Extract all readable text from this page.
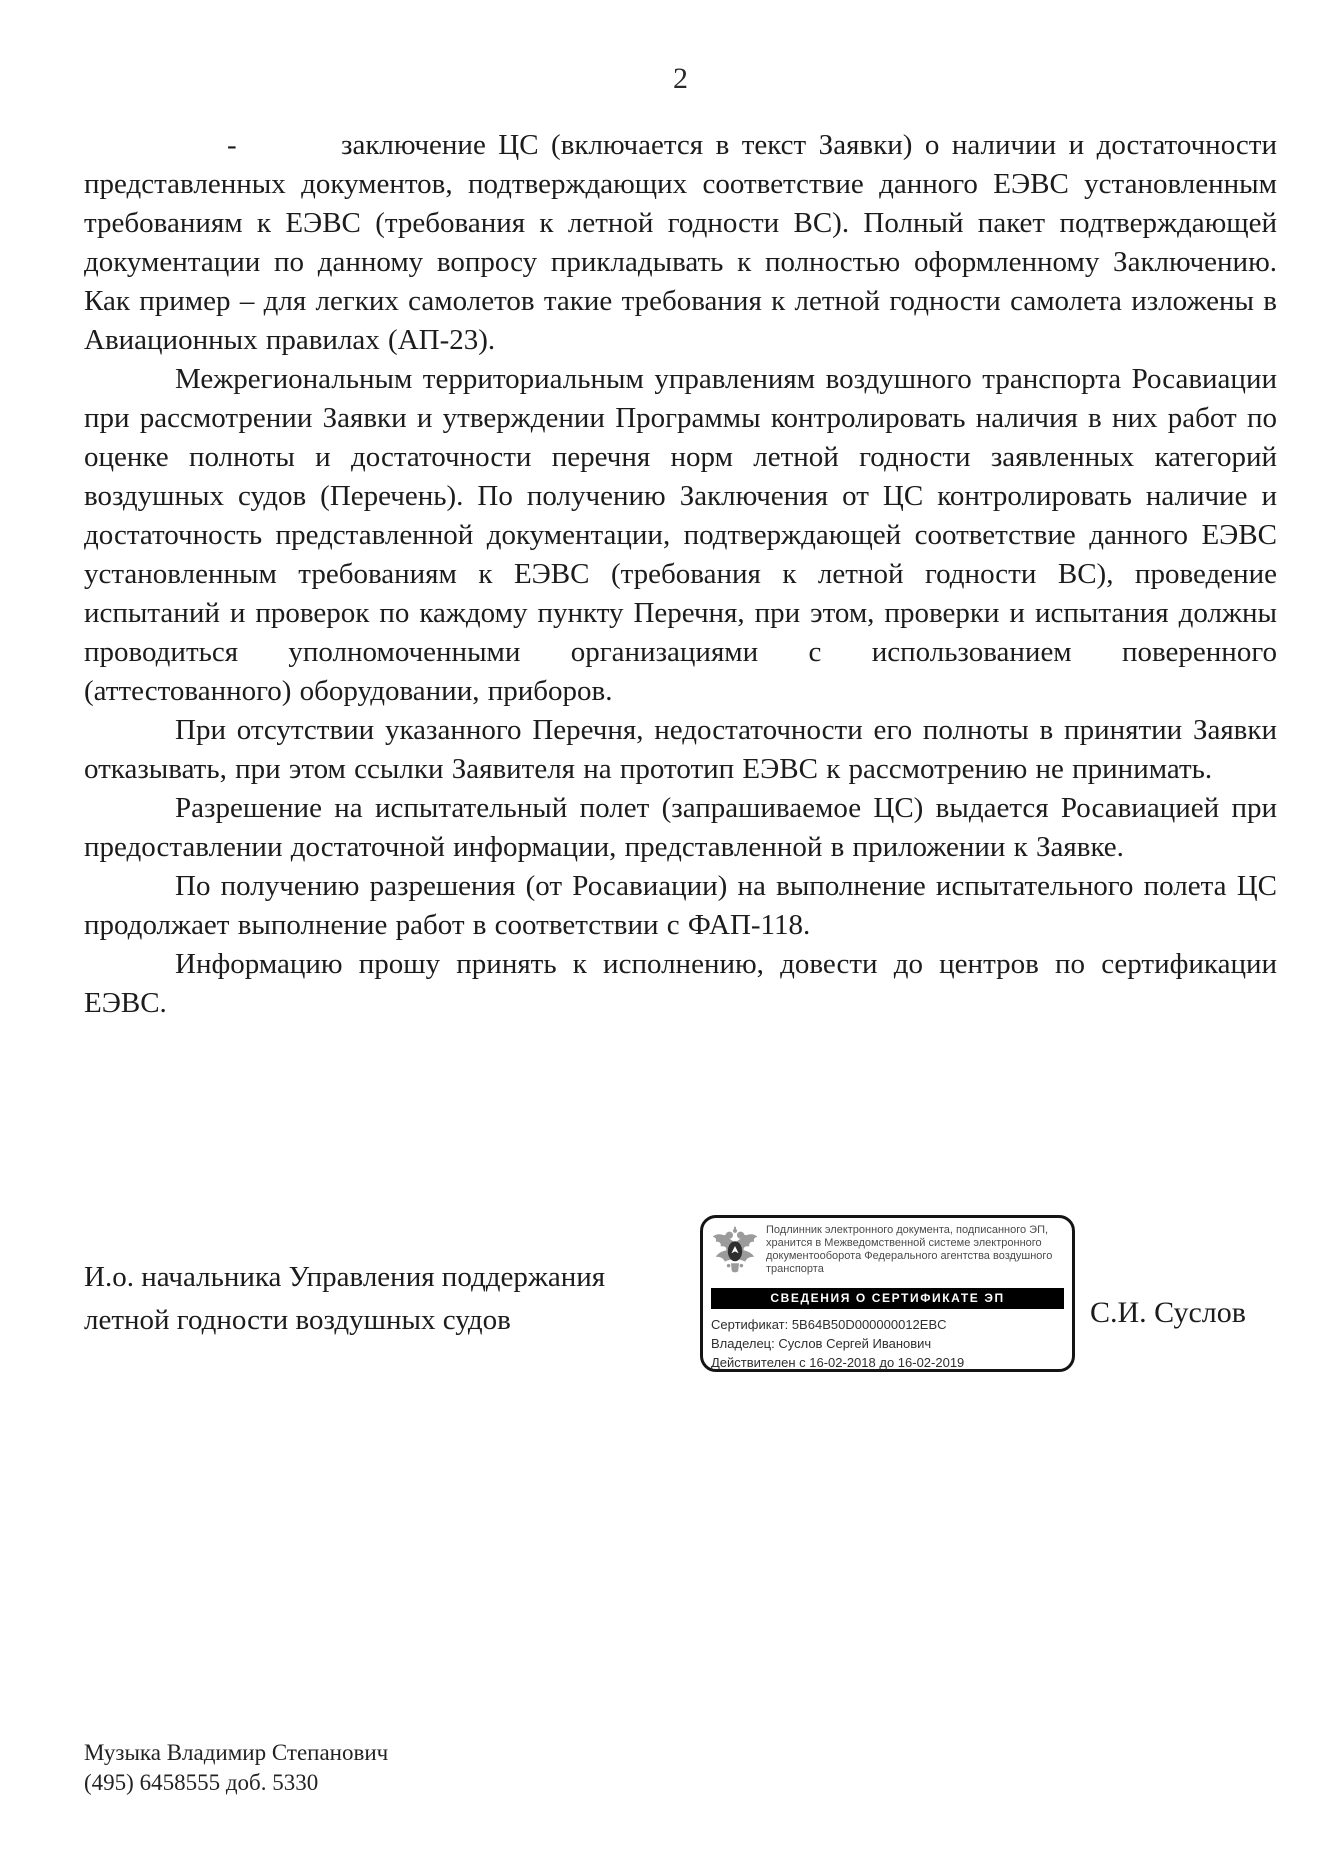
2

-	заключение ЦС (включается в текст Заявки) о наличии и достаточности представленных документов, подтверждающих соответствие данного ЕЭВС установленным требованиям к ЕЭВС (требования к летной годности ВС). Полный пакет подтверждающей документации по данному вопросу прикладывать к полностью оформленному Заключению. Как пример – для легких самолетов такие требования к летной годности самолета изложены в Авиационных правилах (АП-23).

Межрегиональным территориальным управлениям воздушного транспорта Росавиации при рассмотрении Заявки и утверждении Программы контролировать наличия в них работ по оценке полноты и достаточности перечня норм летной годности заявленных категорий воздушных судов (Перечень). По получению Заключения от ЦС контролировать наличие и достаточность представленной документации, подтверждающей соответствие данного ЕЭВС установленным требованиям к ЕЭВС (требования к летной годности ВС), проведение испытаний и проверок по каждому пункту Перечня, при этом, проверки и испытания должны проводиться уполномоченными организациями с использованием поверенного (аттестованного) оборудовании, приборов.

При отсутствии указанного Перечня, недостаточности его полноты в принятии Заявки отказывать, при этом ссылки Заявителя на прототип ЕЭВС к рассмотрению не принимать.

Разрешение на испытательный полет (запрашиваемое ЦС) выдается Росавиацией при предоставлении достаточной информации, представленной в приложении к Заявке.

По получению разрешения (от Росавиации) на выполнение испытательного полета ЦС продолжает выполнение работ в соответствии с ФАП-118.

Информацию прошу принять к исполнению, довести до центров по сертификации ЕЭВС.

И.о. начальника Управления поддержания
летной годности воздушных судов
Подлинник электронного документа, подписанного ЭП, хранится в Межведомственной системе электронного документооборота Федерального агентства воздушного транспорта
СВЕДЕНИЯ О СЕРТИФИКАТЕ ЭП
Сертификат: 5B64B50D000000012EBC
Владелец: Суслов Сергей Иванович
Действителен с 16-02-2018 до 16-02-2019
С.И. Суслов
Музыка Владимир Степанович
(495) 6458555 доб. 5330
